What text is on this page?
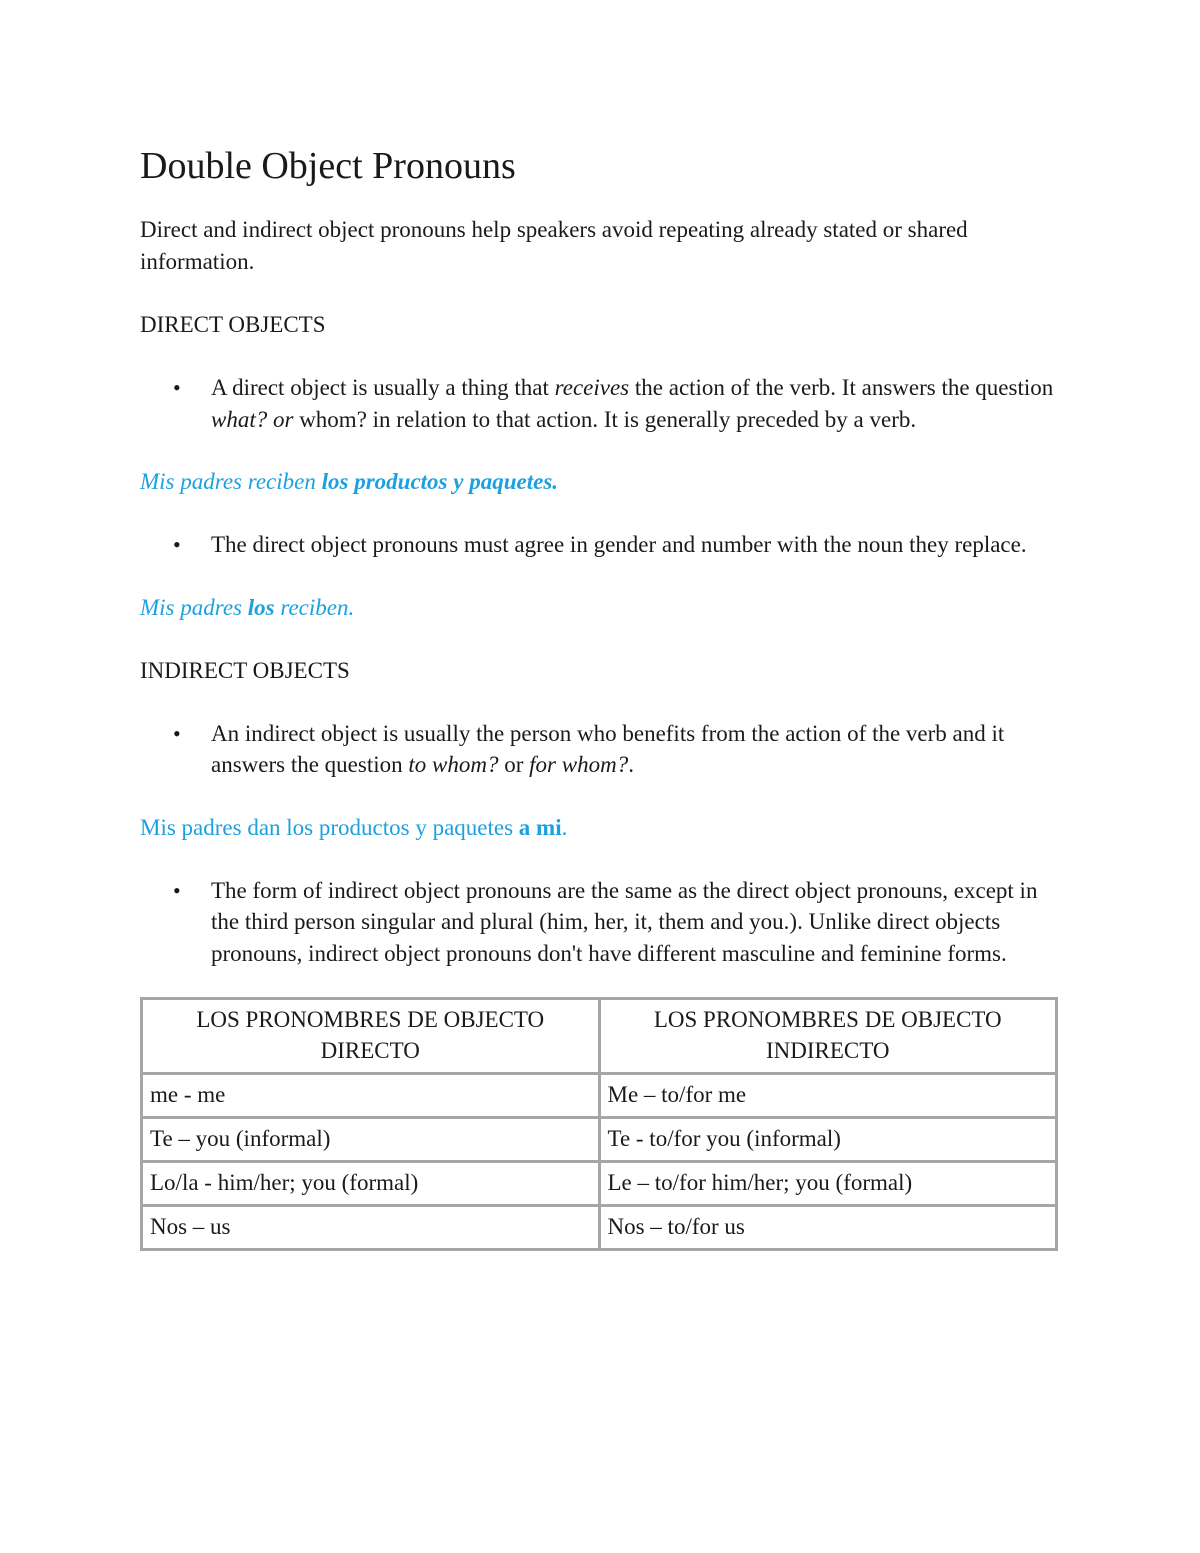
Double Object Pronouns

Direct and indirect object pronouns help speakers avoid repeating already stated or shared information.

DIRECT OBJECTS

• A direct object is usually a thing that receives the action of the verb. It answers the question what? or whom? in relation to that action. It is generally preceded by a verb.

Mis padres reciben los productos y paquetes.

• The direct object pronouns must agree in gender and number with the noun they replace.

Mis padres los reciben.

INDIRECT OBJECTS

• An indirect object is usually the person who benefits from the action of the verb and it answers the question to whom? or for whom?.

Mis padres dan los productos y paquetes a mi.

• The form of indirect object pronouns are the same as the direct object pronouns, except in the third person singular and plural (him, her, it, them and you.). Unlike direct objects pronouns, indirect object pronouns don't have different masculine and feminine forms.
LOS PRONOMBRES DE OBJECTO DIRECTO	LOS PRONOMBRES DE OBJECTO INDIRECTO
me - me	Me – to/for me
Te – you (informal)	Te - to/for you (informal)
Lo/la - him/her; you (formal)	Le – to/for him/her; you (formal)
Nos – us	Nos – to/for us
